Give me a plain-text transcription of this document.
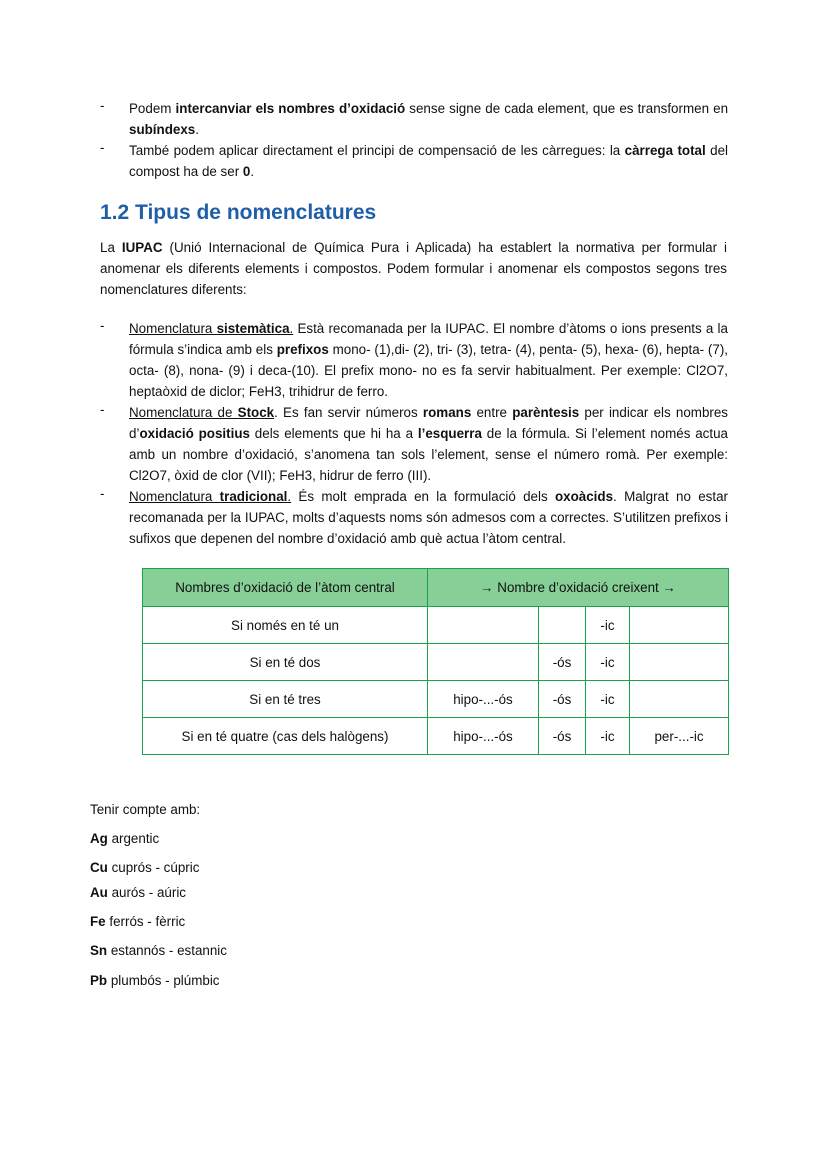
- Podem intercanviar els nombres d’oxidació sense signe de cada element, que es transformen en subíndexs.

- També podem aplicar directament el principi de compensació de les càrregues: la càrrega total del compost ha de ser 0.

1.2 Tipus de nomenclatures

La IUPAC (Unió Internacional de Química Pura i Aplicada) ha establert la normativa per formular i anomenar els diferents elements i compostos. Podem formular i anomenar els compostos segons tres nomenclatures diferents:

- Nomenclatura sistemàtica. Està recomanada per la IUPAC. El nombre d’àtoms o ions presents a la fórmula s’indica amb els prefixos mono- (1),di- (2), tri- (3), tetra- (4), penta- (5), hexa- (6), hepta- (7), octa- (8), nona- (9) i deca-(10). El prefix mono- no es fa servir habitualment. Per exemple: Cl2O7, heptaòxid de diclor; FeH3, trihidrur de ferro.

- Nomenclatura de Stock. Es fan servir números romans entre parèntesis per indicar els nombres d’oxidació positius dels elements que hi ha a l’esquerra de la fórmula. Si l’element només actua amb un nombre d’oxidació, s’anomena tan sols l’element, sense el número romà. Per exemple: Cl2O7, òxid de clor (VII); FeH3, hidrur de ferro (III).

- Nomenclatura tradicional. És molt emprada en la formulació dels oxoàcids. Malgrat no estar recomanada per la IUPAC, molts d’aquests noms són admesos com a correctes. S’utilitzen prefixos i sufixos que depenen del nombre d’oxidació amb què actua l’àtom central.

Nombres d’oxidació de l’àtom central	→ Nombre d’oxidació creixent →			
Si només en té un			-ic	
Si en té dos		-ós	-ic	
Si en té tres	hipo-...-ós	-ós	-ic	
Si en té quatre (cas dels halògens)	hipo-...-ós	-ós	-ic	per-...-ic

Tenir compte amb:

Ag argentic

Cu cuprós - cúpric

Au aurós - aúric

Fe ferrós - fèrric

Sn estannós - estannic

Pb plumbós - plúmbic
